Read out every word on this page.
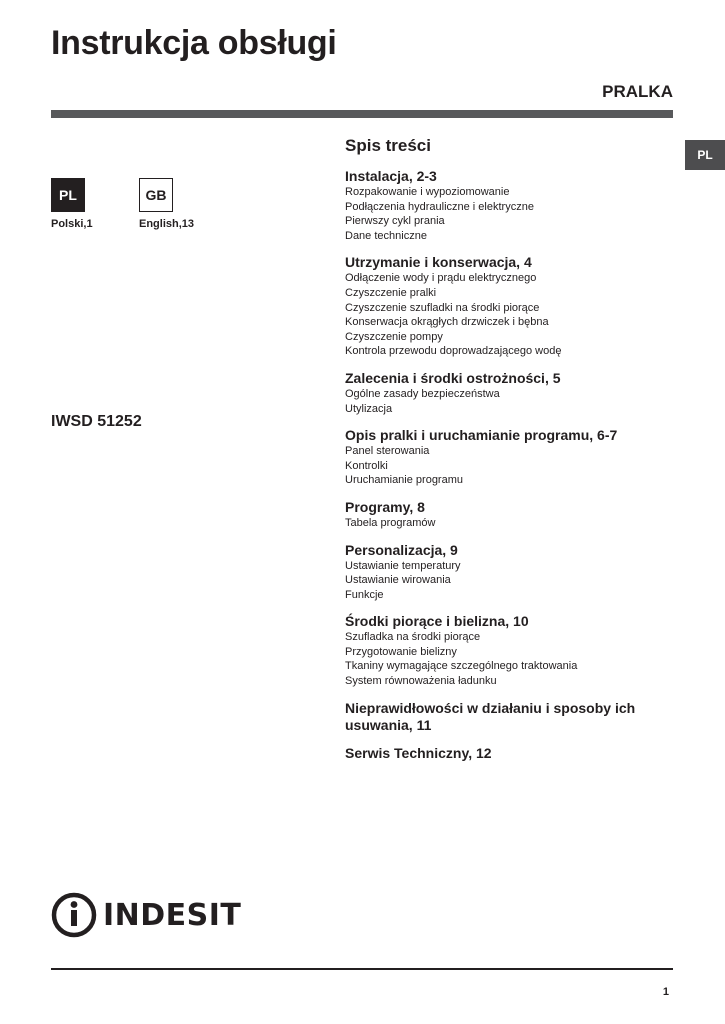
Instrukcja obsługi
PRALKA
PL
PL	GB
Polski,1	English,13
IWSD 51252
Spis treści
Instalacja, 2-3
Rozpakowanie i wypoziomowanie
Podłączenia hydrauliczne i elektryczne
Pierwszy cykl prania
Dane techniczne
Utrzymanie i konserwacja, 4
Odłączenie wody i prądu elektrycznego
Czyszczenie pralki
Czyszczenie szufladki na środki piorące
Konserwacja okrągłych drzwiczek i bębna
Czyszczenie pompy
Kontrola przewodu doprowadzającego wodę
Zalecenia i środki ostrożności, 5
Ogólne zasady bezpieczeństwa
Utylizacja
Opis pralki i uruchamianie programu, 6-7
Panel sterowania
Kontrolki
Uruchamianie programu
Programy, 8
Tabela programów
Personalizacja, 9
Ustawianie temperatury
Ustawianie wirowania
Funkcje
Środki piorące i bielizna, 10
Szufladka na środki piorące
Przygotowanie bielizny
Tkaniny wymagające szczególnego traktowania
System równoważenia ładunku
Nieprawidłowości w działaniu i sposoby ich usuwania, 11
Serwis Techniczny, 12
INDESIT
1
